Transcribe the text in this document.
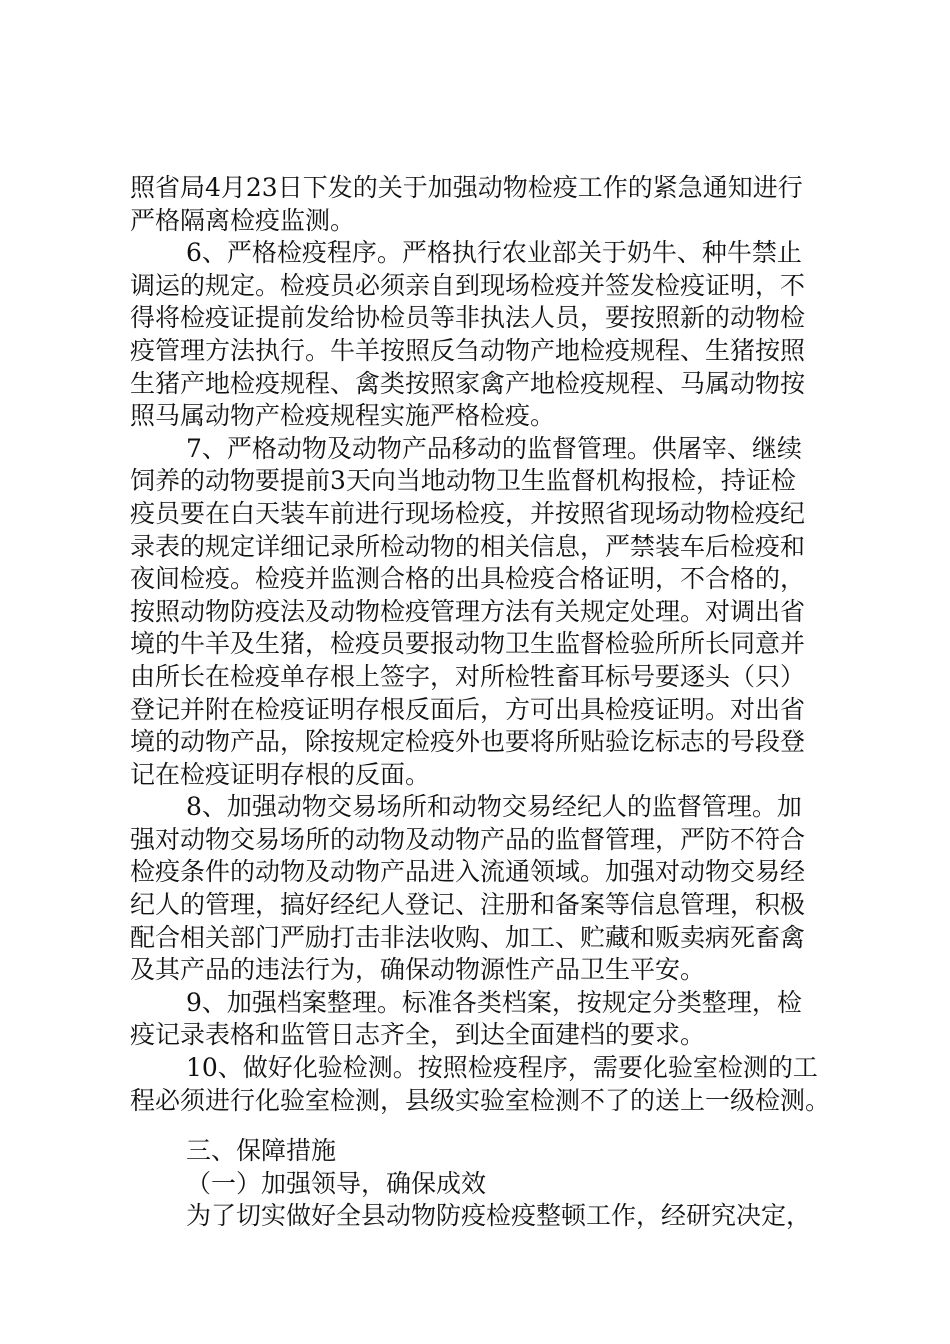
照省局4月23日下发的关于加强动物检疫工作的紧急通知进行
严格隔离检疫监测。
6、严格检疫程序。严格执行农业部关于奶牛、种牛禁止
调运的规定。检疫员必须亲自到现场检疫并签发检疫证明，不
得将检疫证提前发给协检员等非执法人员，要按照新的动物检
疫管理方法执行。牛羊按照反刍动物产地检疫规程、生猪按照
生猪产地检疫规程、禽类按照家禽产地检疫规程、马属动物按
照马属动物产检疫规程实施严格检疫。
7、严格动物及动物产品移动的监督管理。供屠宰、继续
饲养的动物要提前3天向当地动物卫生监督机构报检，持证检
疫员要在白天装车前进行现场检疫，并按照省现场动物检疫纪
录表的规定详细记录所检动物的相关信息，严禁装车后检疫和
夜间检疫。检疫并监测合格的出具检疫合格证明，不合格的，
按照动物防疫法及动物检疫管理方法有关规定处理。对调出省
境的牛羊及生猪，检疫员要报动物卫生监督检验所所长同意并
由所长在检疫单存根上签字，对所检牲畜耳标号要逐头（只）
登记并附在检疫证明存根反面后，方可出具检疫证明。对出省
境的动物产品，除按规定检疫外也要将所贴验讫标志的号段登
记在检疫证明存根的反面。
8、加强动物交易场所和动物交易经纪人的监督管理。加
强对动物交易场所的动物及动物产品的监督管理，严防不符合
检疫条件的动物及动物产品进入流通领域。加强对动物交易经
纪人的管理，搞好经纪人登记、注册和备案等信息管理，积极
配合相关部门严励打击非法收购、加工、贮藏和贩卖病死畜禽
及其产品的违法行为，确保动物源性产品卫生平安。
9、加强档案整理。标准各类档案，按规定分类整理，检
疫记录表格和监管日志齐全，到达全面建档的要求。
10、做好化验检测。按照检疫程序，需要化验室检测的工
程必须进行化验室检测，县级实验室检测不了的送上一级检测。
三、保障措施
（一）加强领导，确保成效
为了切实做好全县动物防疫检疫整顿工作，经研究决定，
